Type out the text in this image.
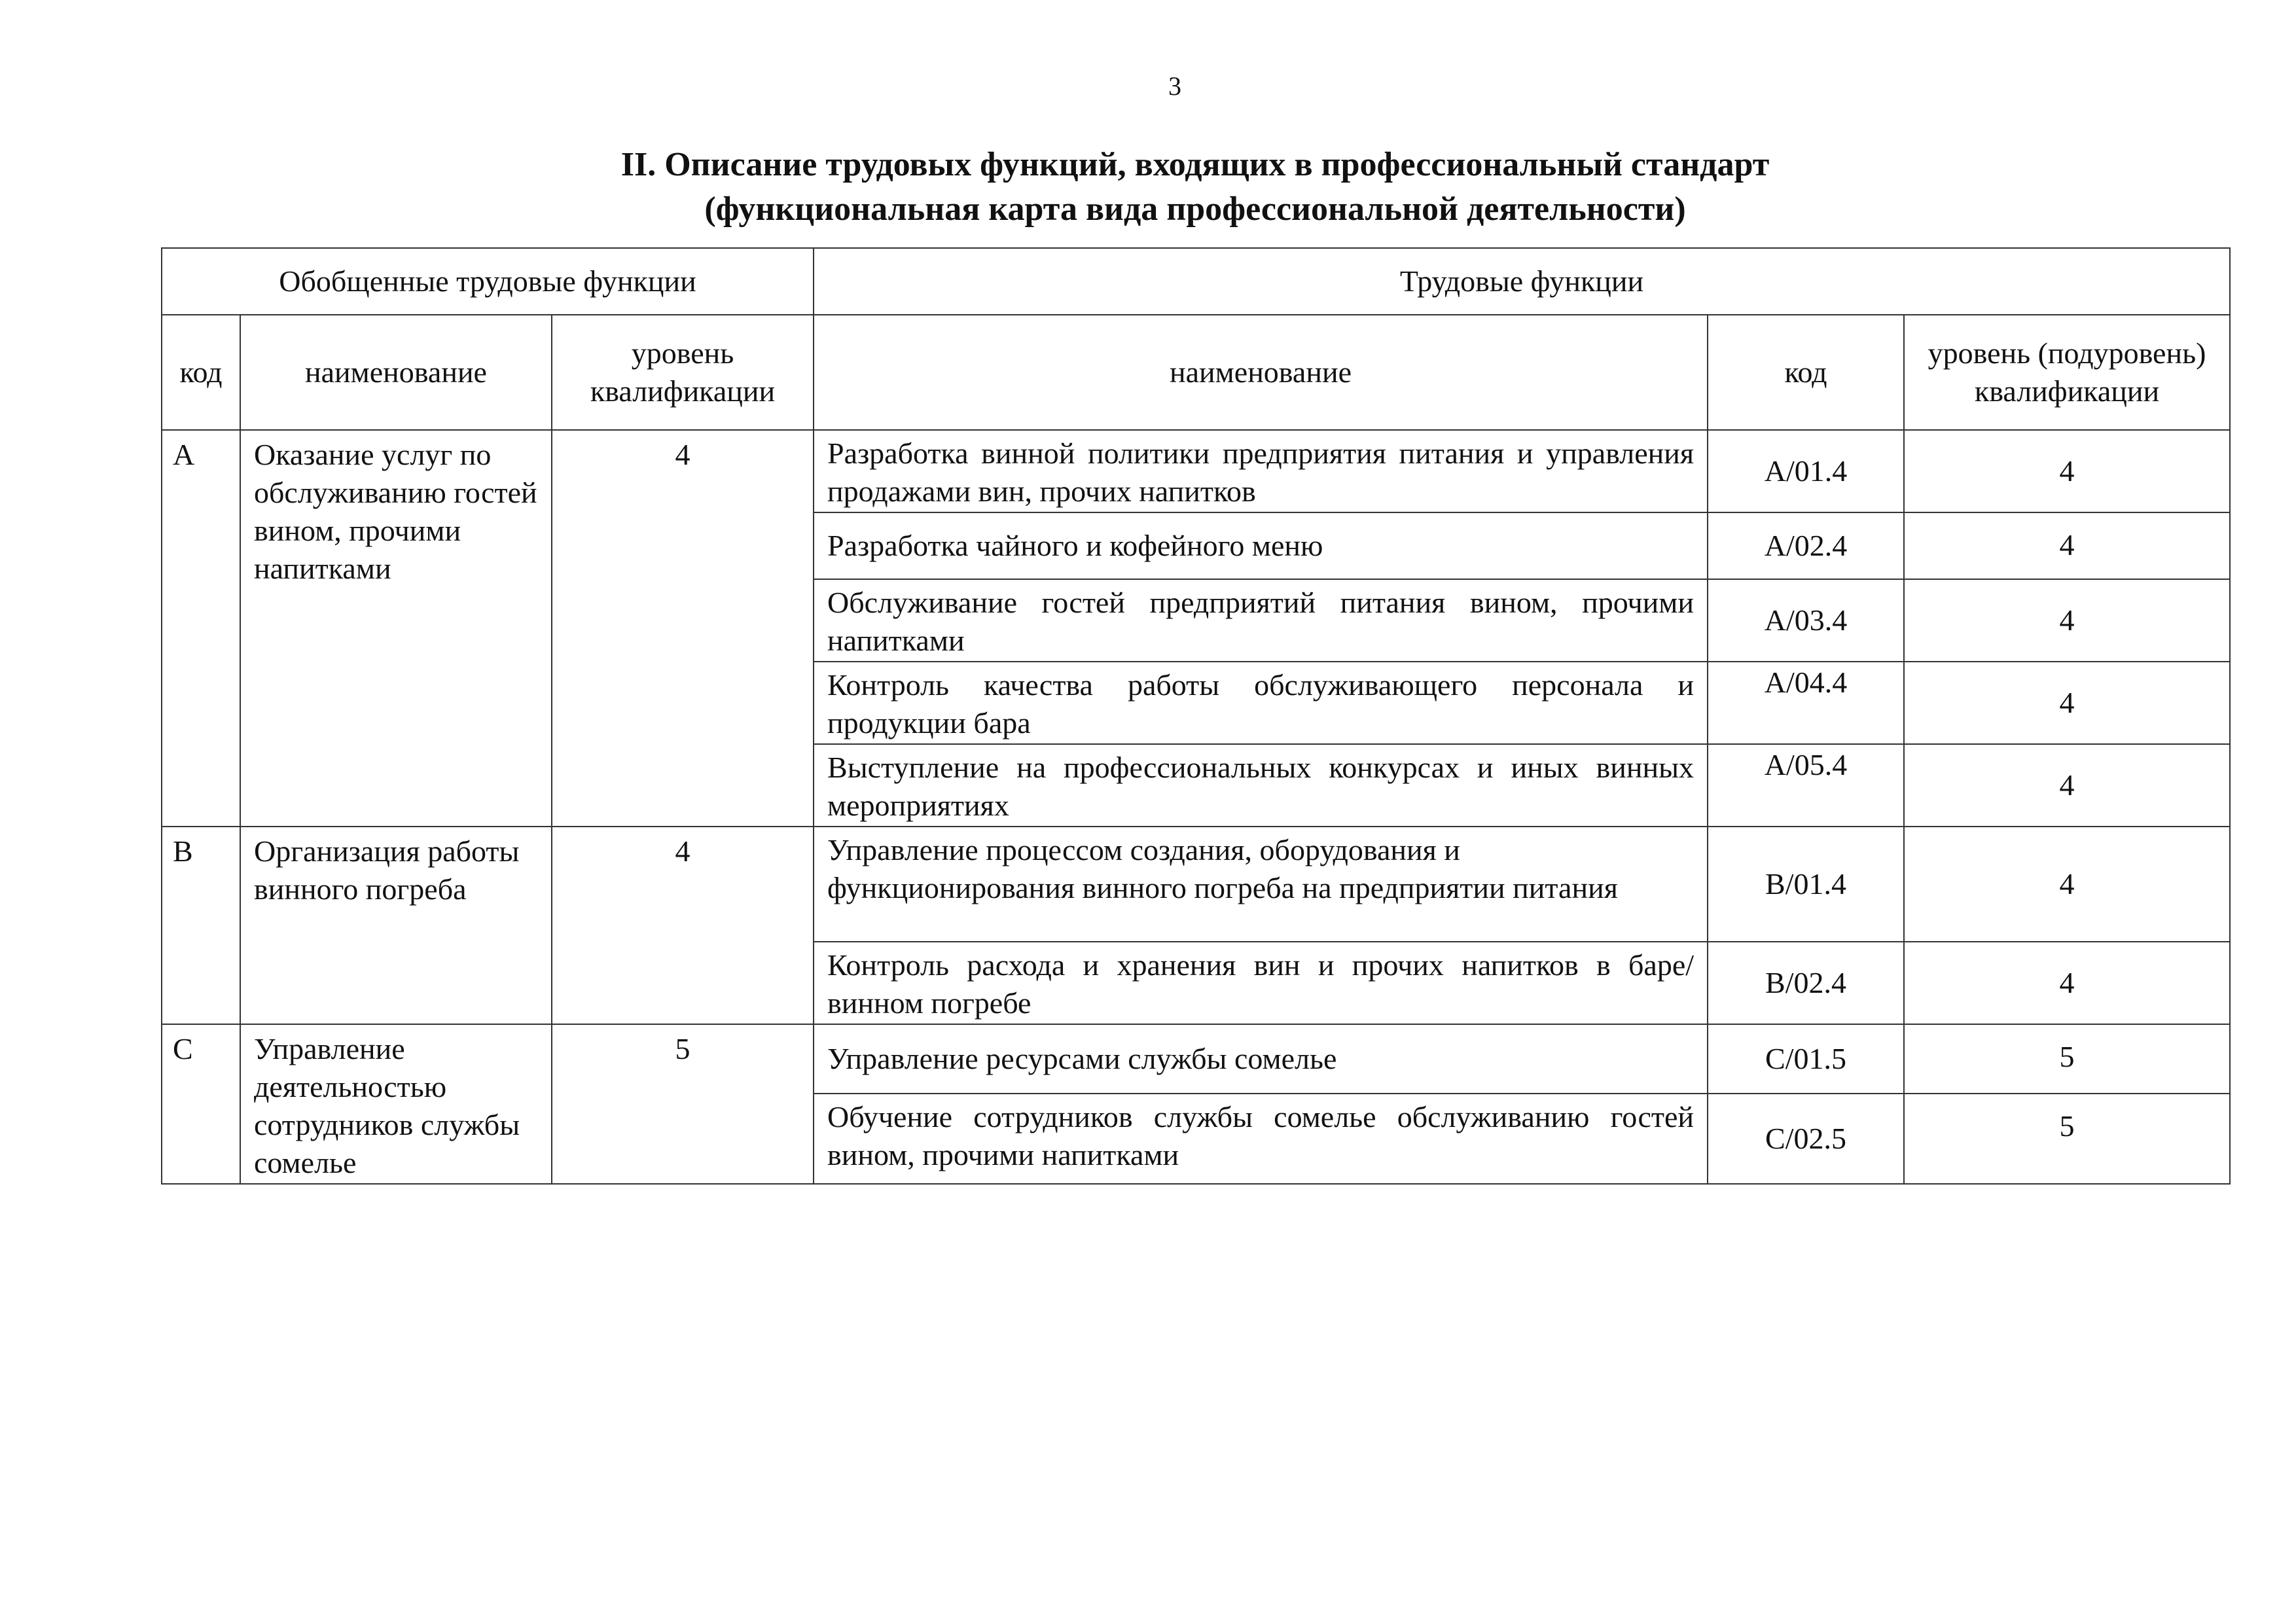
3
II. Описание трудовых функций, входящих в профессиональный стандарт
(функциональная карта вида профессиональной деятельности)
Обобщенные трудовые функции			Трудовые функции		
код	наименование	уровень квалификации	наименование	код	уровень (подуровень) квалификации
A	Оказание услуг по обслуживанию гостей вином, прочими напитками	4	Разработка винной политики предприятия питания и управления продажами вин, прочих напитков	A/01.4	4
			Разработка чайного и кофейного меню	A/02.4	4
			Обслуживание гостей предприятий питания вином, прочими напитками	A/03.4	4
			Контроль качества работы обслуживающего персонала и продукции бара	A/04.4	4
			Выступление на профессиональных конкурсах и иных винных мероприятиях	A/05.4	4
B	Организация работы винного погреба	4	Управление процессом создания, оборудования и функционирования винного погреба на предприятии питания	B/01.4	4
			Контроль расхода и хранения вин и прочих напитков в баре/винном погребе	B/02.4	4
C	Управление деятельностью сотрудников службы сомелье	5	Управление ресурсами службы сомелье	C/01.5	5
			Обучение сотрудников службы сомелье обслуживанию гостей вином, прочими напитками	C/02.5	5
